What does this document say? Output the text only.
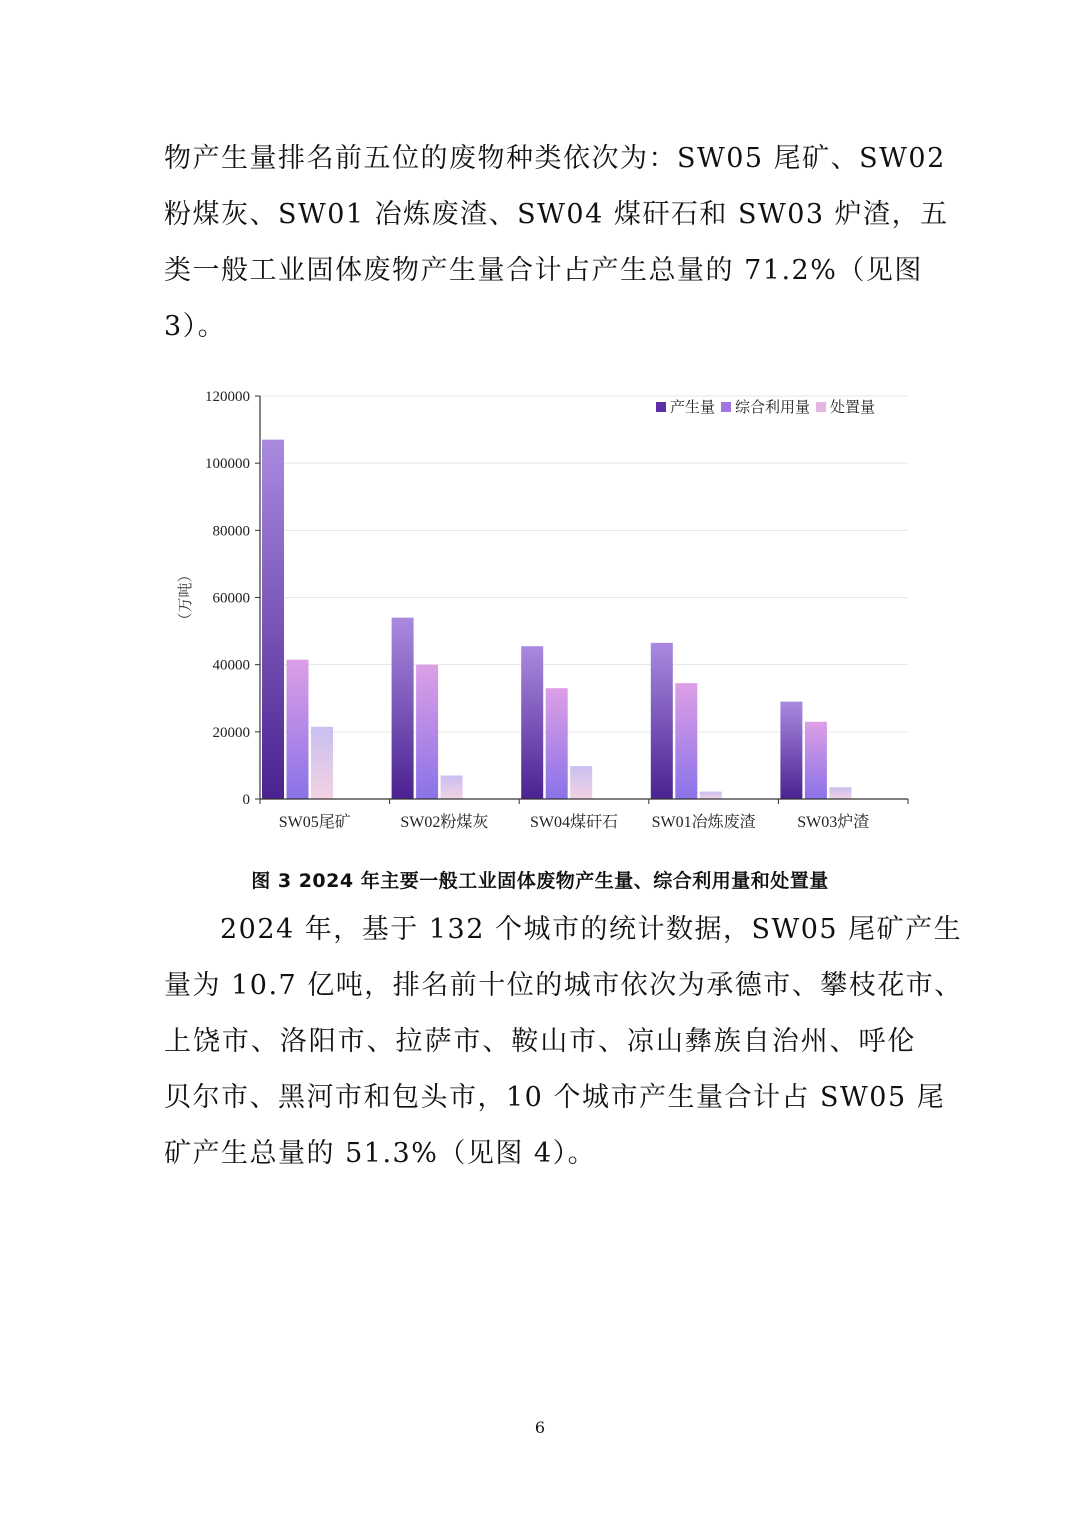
物产生量排名前五位的废物种类依次为：SW05 尾矿、SW02
粉煤灰、SW01 冶炼废渣、SW04 煤矸石和 SW03 炉渣，五
类一般工业固体废物产生量合计占产生总量的 71.2%（见图
3）。
0
20000
40000
60000
80000
100000
120000
（万吨）
SW05尾矿	SW02粉煤灰	SW04煤矸石 SW01冶炼废渣	SW03炉渣
产生量 综合利用量 处置量
图 3 2024 年主要一般工业固体废物产生量、综合利用量和处置量
2024 年，基于 132 个城市的统计数据，SW05 尾矿产生
量为 10.7 亿吨，排名前十位的城市依次为承德市、攀枝花市、
上饶市、洛阳市、拉萨市、鞍山市、凉山彝族自治州、呼伦
贝尔市、黑河市和包头市，10 个城市产生量合计占 SW05 尾
矿产生总量的 51.3%（见图 4）。
6
